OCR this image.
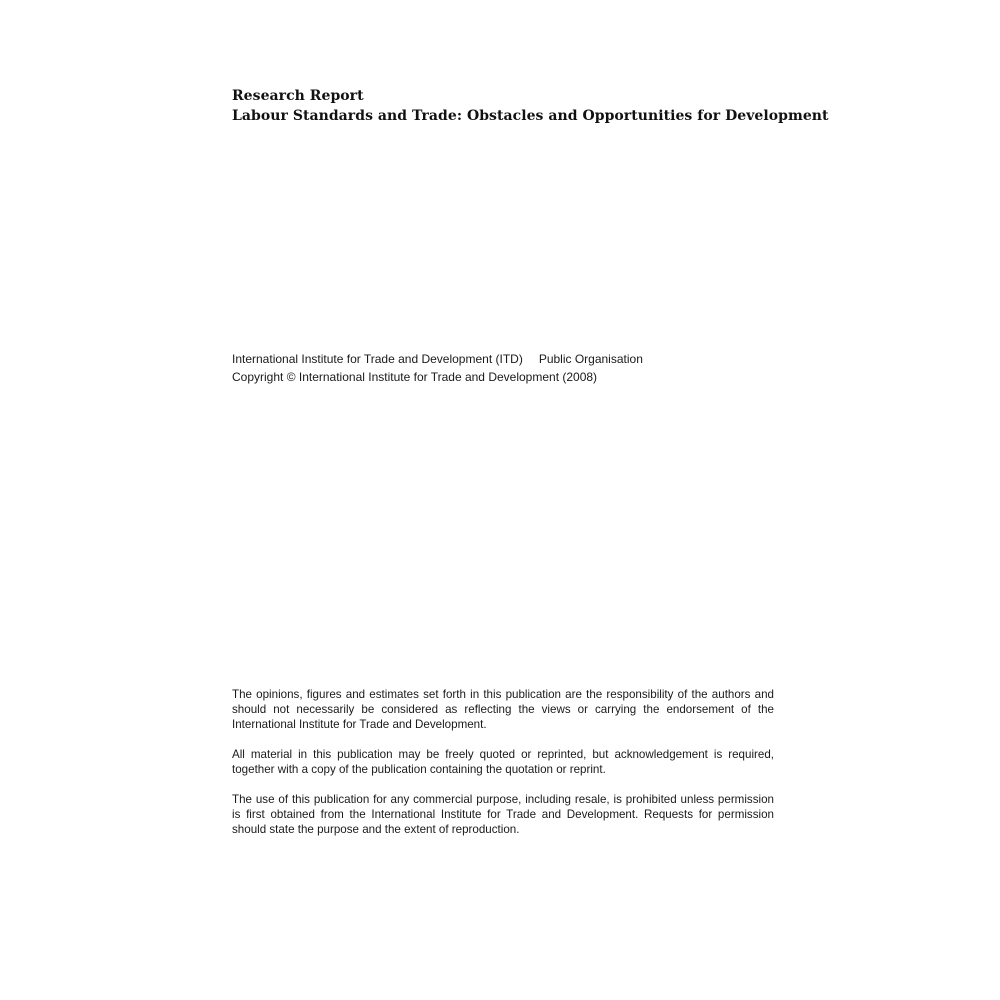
Research Report
Labour Standards and Trade: Obstacles and Opportunities for Development
International Institute for Trade and Development (ITD) Public Organisation
Copyright © International Institute for Trade and Development (2008)

The opinions, figures and estimates set forth in this publication are the responsibility of the authors and should not necessarily be considered as reflecting the views or carrying the endorsement of the International Institute for Trade and Development.

All material in this publication may be freely quoted or reprinted, but acknowledgement is required, together with a copy of the publication containing the quotation or reprint.

The use of this publication for any commercial purpose, including resale, is prohibited unless permission is first obtained from the International Institute for Trade and Development. Requests for permission should state the purpose and the extent of reproduction.
